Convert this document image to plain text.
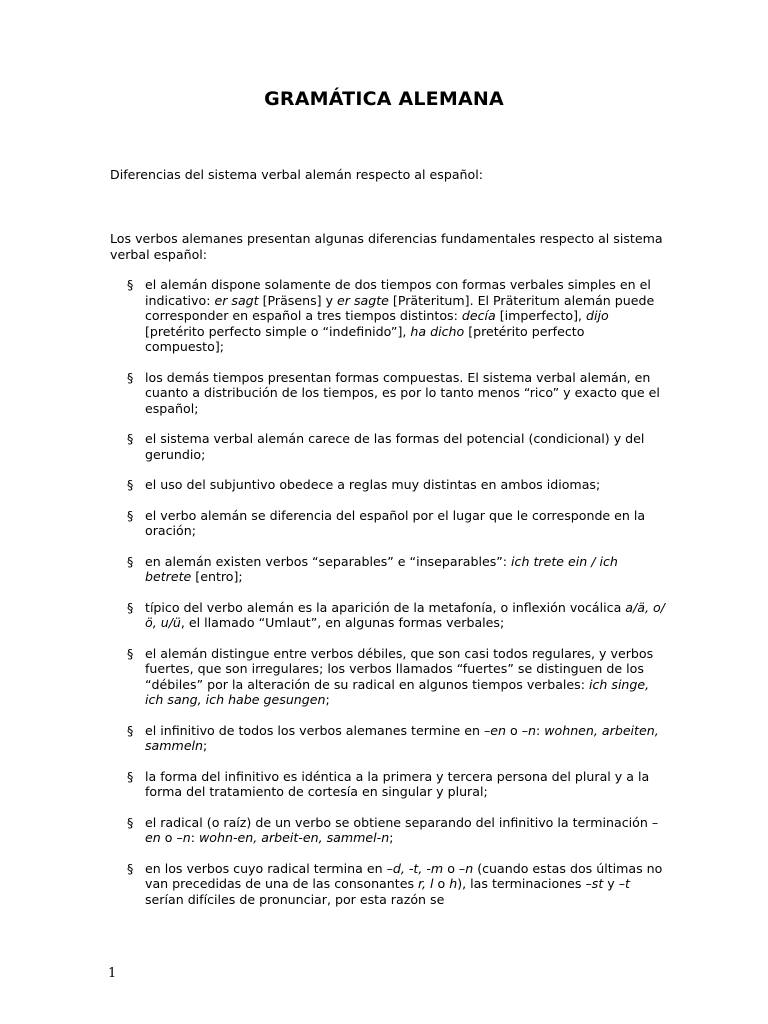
GRAMÁTICA ALEMANA
Diferencias del sistema verbal alemán respecto al español:
Los verbos alemanes presentan algunas diferencias fundamentales respecto al sistema verbal español:
§ el alemán dispone solamente de dos tiempos con formas verbales simples en el indicativo: er sagt [Präsens] y er sagte [Präteritum]. El Präteritum alemán puede corresponder en español a tres tiempos distintos: decía [imperfecto], dijo [pretérito perfecto simple o “indefinido”], ha dicho [pretérito perfecto compuesto];
§ los demás tiempos presentan formas compuestas. El sistema verbal alemán, en cuanto a distribución de los tiempos, es por lo tanto menos “rico” y exacto que el español;
§ el sistema verbal alemán carece de las formas del potencial (condicional) y del gerundio;
§ el uso del subjuntivo obedece a reglas muy distintas en ambos idiomas;
§ el verbo alemán se diferencia del español por el lugar que le corresponde en la oración;
§ en alemán existen verbos “separables” e “inseparables”: ich trete ein / ich betrete [entro];
§ típico del verbo alemán es la aparición de la metafonía, o inflexión vocálica a/ä, o/ö, u/ü, el llamado “Umlaut”, en algunas formas verbales;
§ el alemán distingue entre verbos débiles, que son casi todos regulares, y verbos fuertes, que son irregulares; los verbos llamados “fuertes” se distinguen de los “débiles” por la alteración de su radical en algunos tiempos verbales: ich singe, ich sang, ich habe gesungen;
§ el infinitivo de todos los verbos alemanes termine en –en o –n: wohnen, arbeiten, sammeln;
§ la forma del infinitivo es idéntica a la primera y tercera persona del plural y a la forma del tratamiento de cortesía en singular y plural;
§ el radical (o raíz) de un verbo se obtiene separando del infinitivo la terminación –en o –n: wohn-en, arbeit-en, sammel-n;
§ en los verbos cuyo radical termina en –d, -t, -m o –n (cuando estas dos últimas no van precedidas de una de las consonantes r, l o h), las terminaciones –st y –t serían difíciles de pronunciar, por esta razón se
1
